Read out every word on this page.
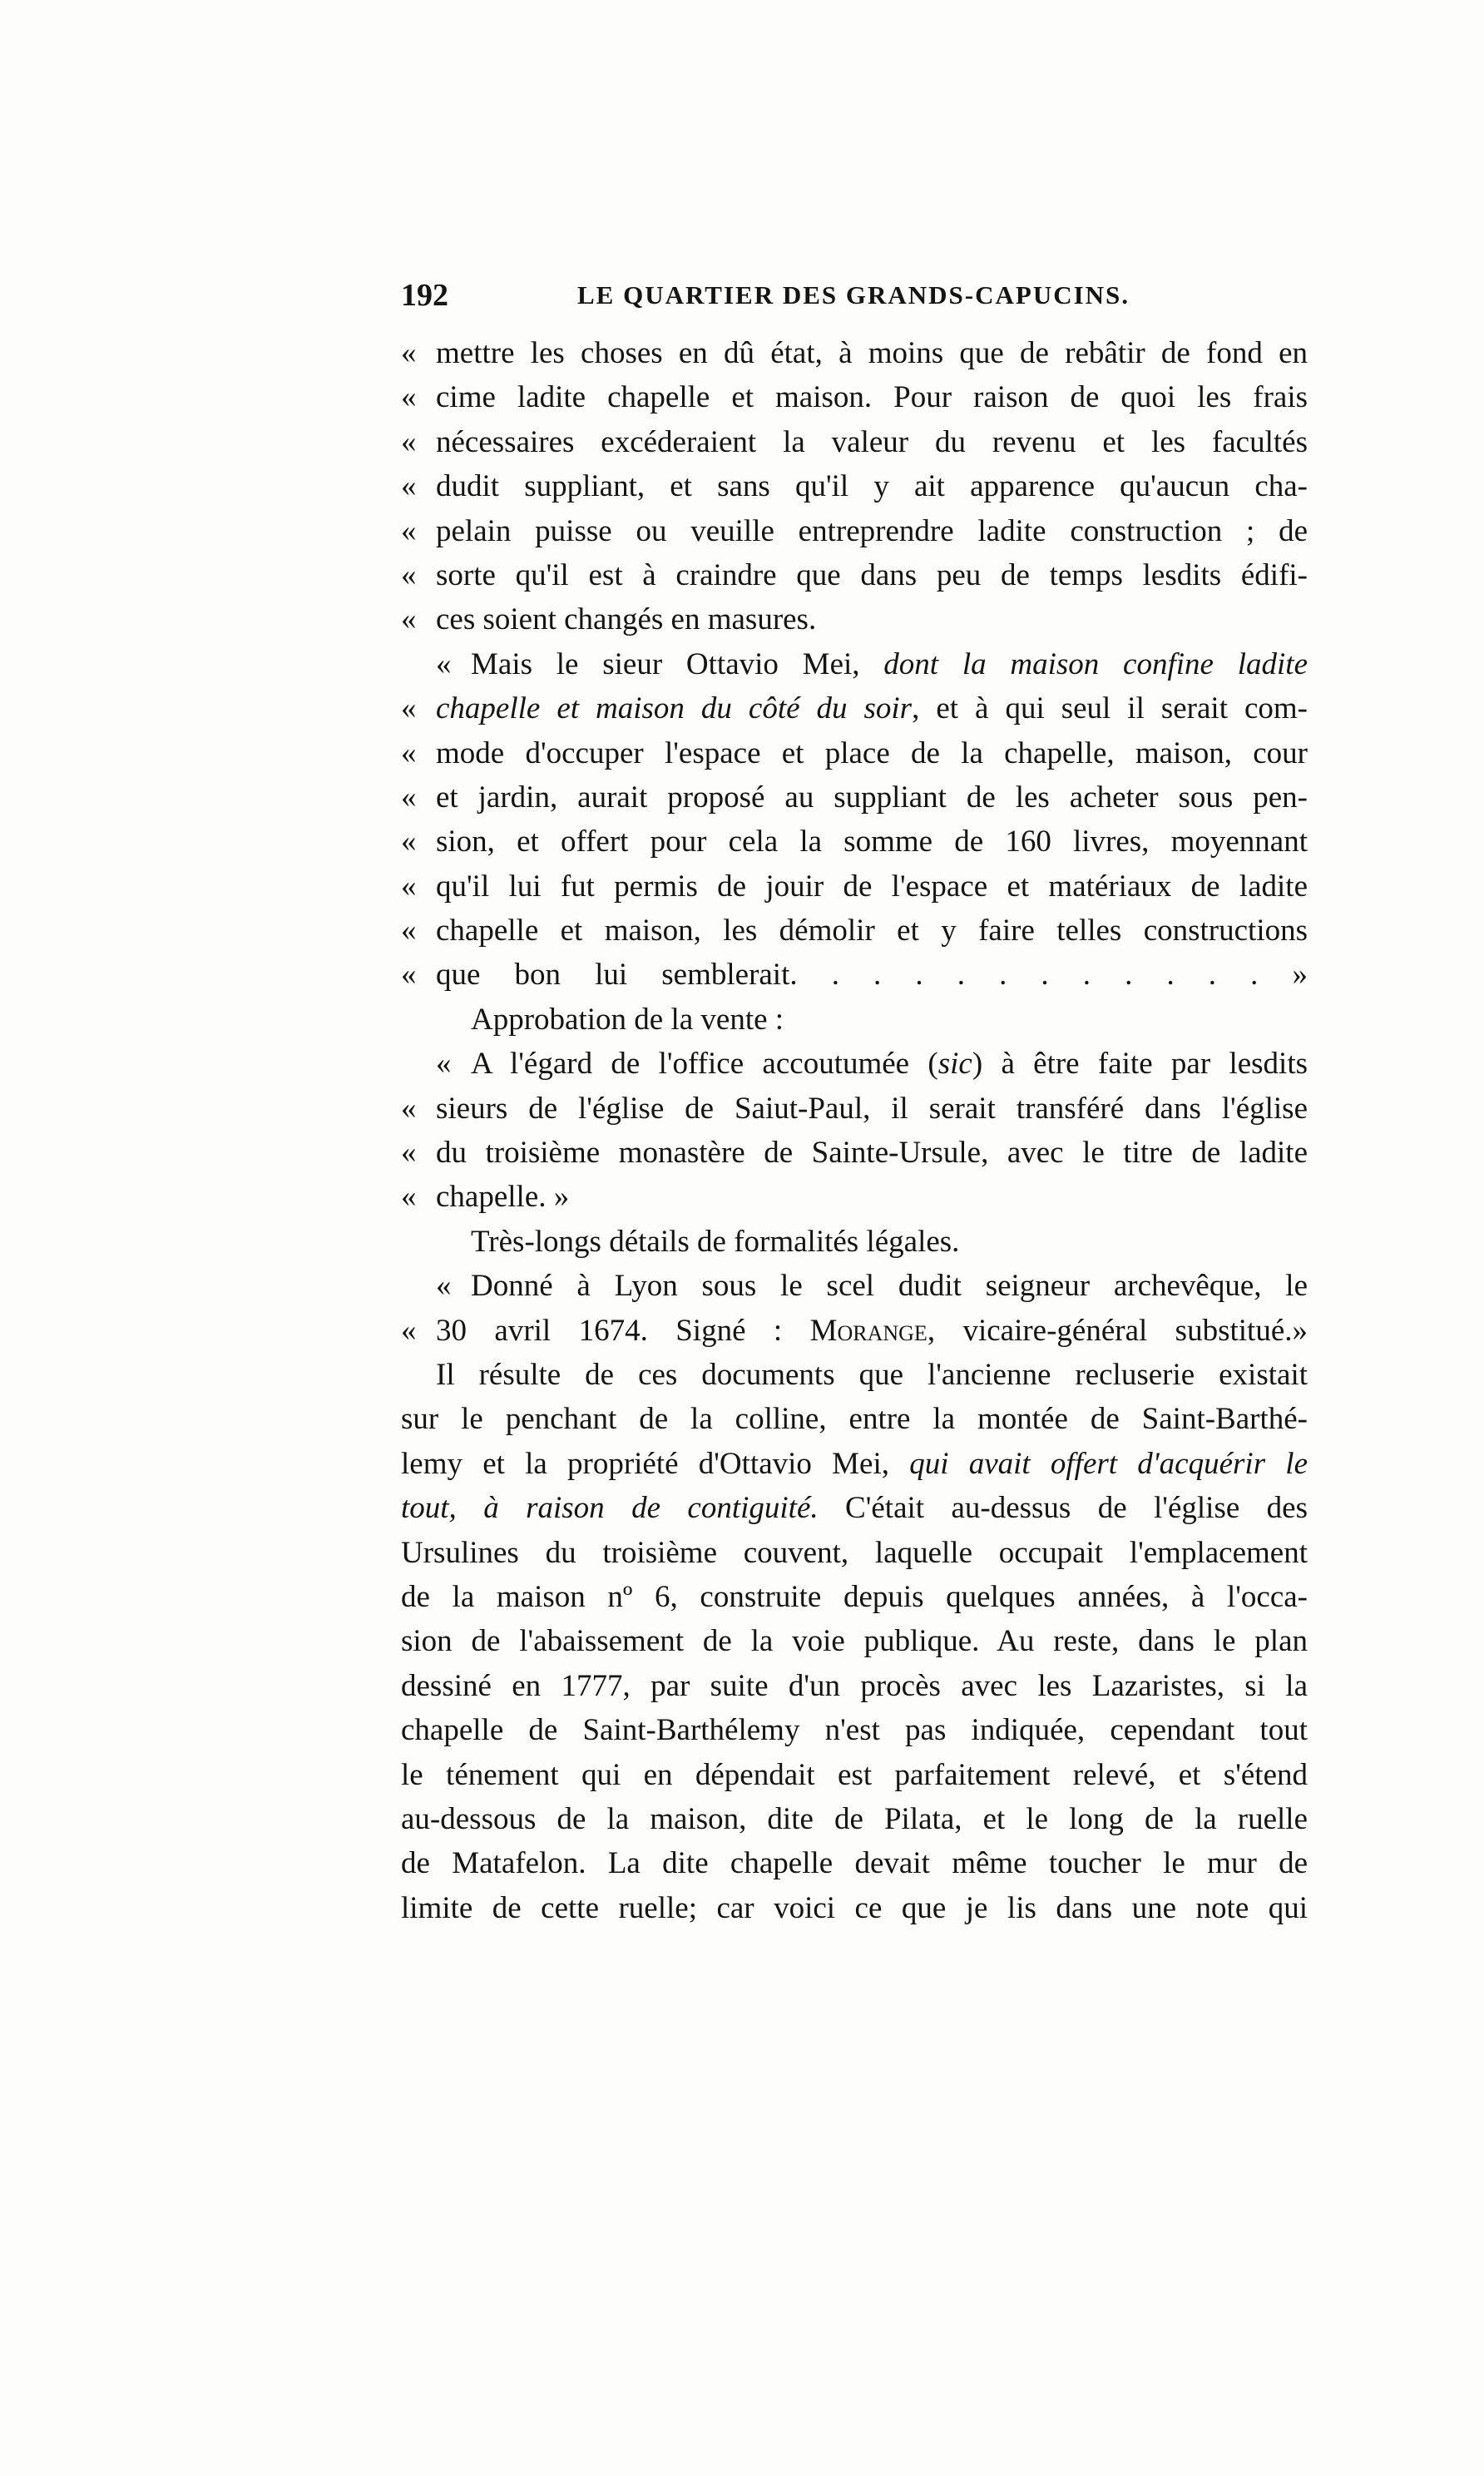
192	LE QUARTIER DES GRANDS-CAPUCINS.
« mettre les choses en dû état, à moins que de rebâtir de fond en
« cime ladite chapelle et maison. Pour raison de quoi les frais
« nécessaires excéderaient la valeur du revenu et les facultés
« dudit suppliant, et sans qu'il y ait apparence qu'aucun cha-
« pelain puisse ou veuille entreprendre ladite construction ; de
« sorte qu'il est à craindre que dans peu de temps lesdits édifi-
« ces soient changés en masures.
« Mais le sieur Ottavio Mei, dont la maison confine ladite
« chapelle et maison du côté du soir, et à qui seul il serait com-
« mode d'occuper l'espace et place de la chapelle, maison, cour
« et jardin, aurait proposé au suppliant de les acheter sous pen-
« sion, et offert pour cela la somme de 160 livres, moyennant
« qu'il lui fut permis de jouir de l'espace et matériaux de ladite
« chapelle et maison, les démolir et y faire telles constructions
« que bon lui semblerait. . . . . . . . . . . . »
Approbation de la vente :
« A l'égard de l'office accoutumée (sic) à être faite par lesdits
« sieurs de l'église de Saiut-Paul, il serait transféré dans l'église
« du troisième monastère de Sainte-Ursule, avec le titre de ladite
« chapelle. »
Très-longs détails de formalités légales.
« Donné à Lyon sous le scel dudit seigneur archevêque, le
« 30 avril 1674. Signé : Morange, vicaire-général substitué.»
Il résulte de ces documents que l'ancienne recluserie existait
sur le penchant de la colline, entre la montée de Saint-Barthé-
lemy et la propriété d'Ottavio Mei, qui avait offert d'acquérir le
tout, à raison de contiguité. C'était au-dessus de l'église des
Ursulines du troisième couvent, laquelle occupait l'emplacement
de la maison nº 6, construite depuis quelques années, à l'occa-
sion de l'abaissement de la voie publique. Au reste, dans le plan
dessiné en 1777, par suite d'un procès avec les Lazaristes, si la
chapelle de Saint-Barthélemy n'est pas indiquée, cependant tout
le ténement qui en dépendait est parfaitement relevé, et s'étend
au-dessous de la maison, dite de Pilata, et le long de la ruelle
de Matafelon. La dite chapelle devait même toucher le mur de
limite de cette ruelle; car voici ce que je lis dans une note qui
